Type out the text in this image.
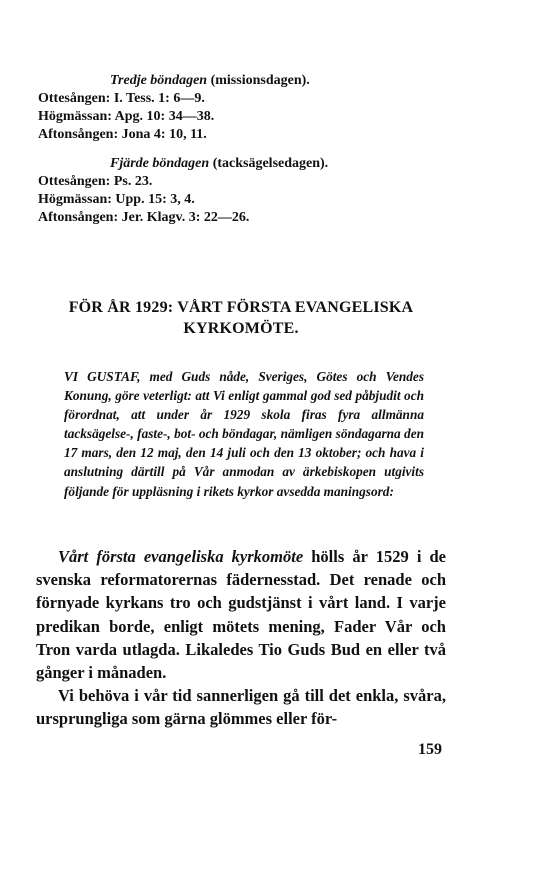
Tredje böndagen (missionsdagen).
Ottesången: I. Tess. 1: 6—9.
Högmässan: Apg. 10: 34—38.
Aftonsången: Jona 4: 10, 11.
Fjärde böndagen (tacksägelsedagen).
Ottesången: Ps. 23.
Högmässan: Upp. 15: 3, 4.
Aftonsången: Jer. Klagv. 3: 22—26.
FÖR ÅR 1929: VÅRT FÖRSTA EVANGELISKA KYRKOMÖTE.
VI GUSTAF, med Guds nåde, Sveriges, Götes och Vendes Konung, göre veterligt: att Vi enligt gammal god sed påbjudit och förordnat, att under år 1929 skola firas fyra allmänna tacksägelse-, faste-, bot- och böndagar, nämligen söndagarna den 17 mars, den 12 maj, den 14 juli och den 13 oktober; och hava i anslutning därtill på Vår anmodan av ärkebiskopen utgivits följande för uppläsning i rikets kyrkor avsedda maningsord:

Vårt första evangeliska kyrkomöte hölls år 1529 i de svenska reformatorernas fädernesstad. Det renade och förnyade kyrkans tro och gudstjänst i vårt land. I varje predikan borde, enligt mötets mening, Fader Vår och Tron varda utlagda. Likaledes Tio Guds Bud en eller två gånger i månaden.

Vi behöva i vår tid sannerligen gå till det enkla, svåra, ursprungliga som gärna glömmes eller för-

159
